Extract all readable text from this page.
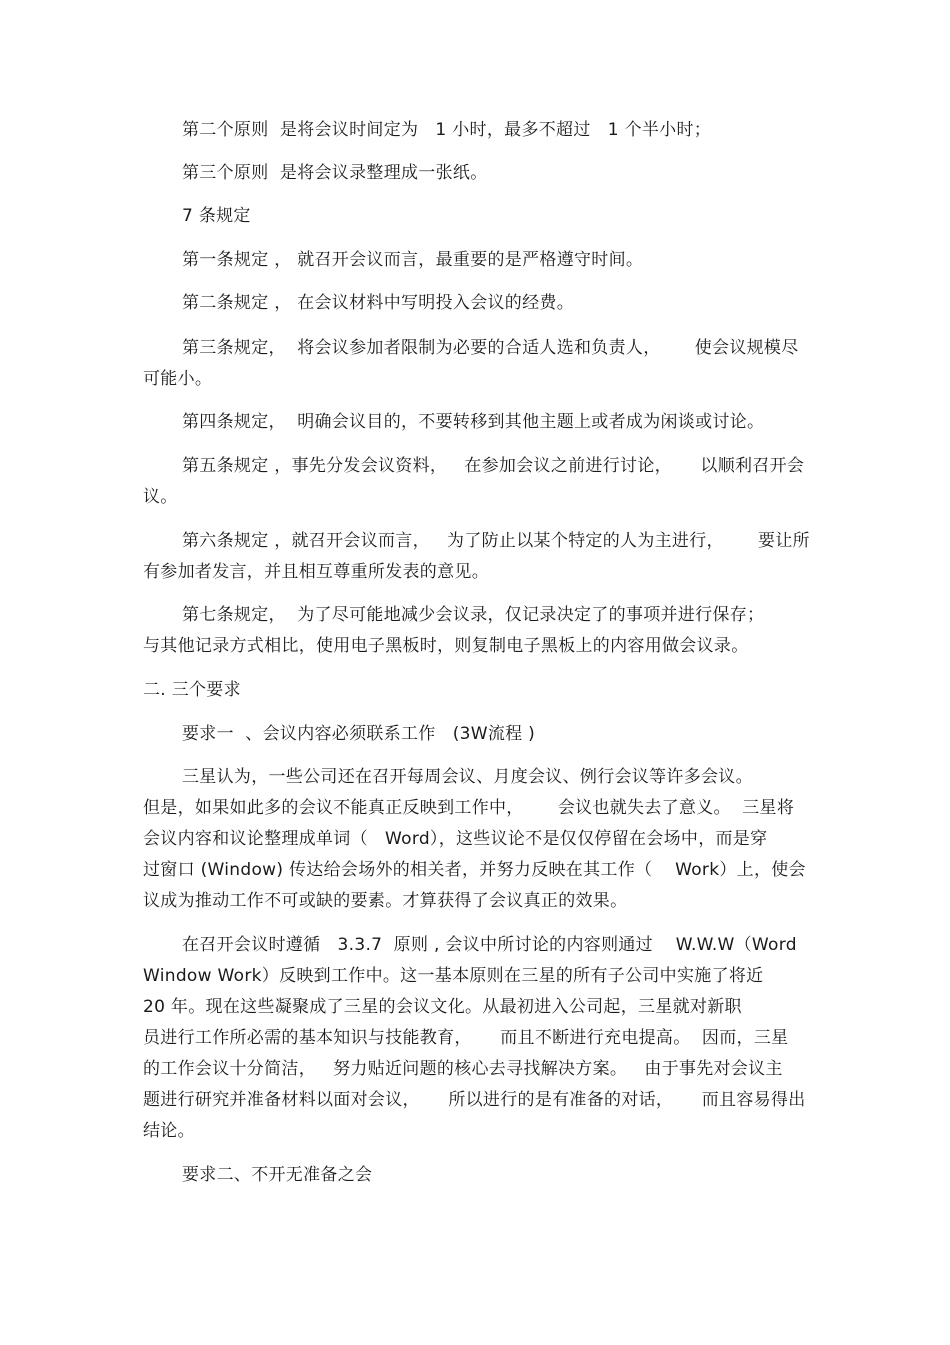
第二个原则  是将会议时间定为   1 小时，最多不超过   1 个半小时；
第三个原则  是将会议录整理成一张纸。
7 条规定
第一条规定 ， 就召开会议而言，最重要的是严格遵守时间。
第二条规定 ， 在会议材料中写明投入会议的经费。
第三条规定，  将会议参加者限制为必要的合适人选和负责人，      使会议规模尽
可能小。
第四条规定，  明确会议目的，不要转移到其他主题上或者成为闲谈或讨论。
第五条规定 ，事先分发会议资料，   在参加会议之前进行讨论，     以顺利召开会
议。
第六条规定 ，就召开会议而言，   为了防止以某个特定的人为主进行，      要让所
有参加者发言，并且相互尊重所发表的意见。
第七条规定，  为了尽可能地减少会议录，仅记录决定了的事项并进行保存；
与其他记录方式相比，使用电子黑板时，则复制电子黑板上的内容用做会议录。
二. 三个要求
要求一  、会议内容必须联系工作   (3W流程 )
三星认为，一些公司还在召开每周会议、月度会议、例行会议等许多会议。
但是，如果如此多的会议不能真正反映到工作中，      会议也就失去了意义。  三星将
会议内容和议论整理成单词（   Word），这些议论不是仅仅停留在会场中，而是穿
过窗口 (Window) 传达给会场外的相关者，并努力反映在其工作（    Work）上，使会
议成为推动工作不可或缺的要素。才算获得了会议真正的效果。
在召开会议时遵循   3.3.7  原则 , 会议中所讨论的内容则通过    W.W.W（Word
Window Work）反映到工作中。这一基本原则在三星的所有子公司中实施了将近
20 年。现在这些凝聚成了三星的会议文化。从最初进入公司起，三星就对新职
员进行工作所必需的基本知识与技能教育，     而且不断进行充电提高。  因而，三星
的工作会议十分简洁，   努力贴近问题的核心去寻找解决方案。   由于事先对会议主
题进行研究并准备材料以面对会议，     所以进行的是有准备的对话，     而且容易得出
结论。
要求二、不开无准备之会
